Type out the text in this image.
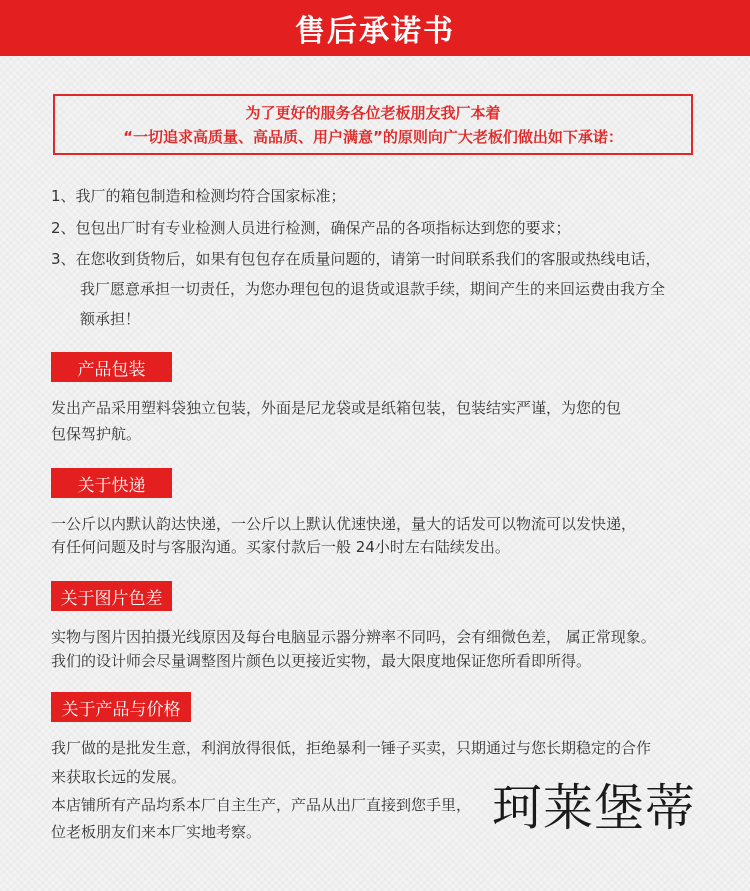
售后承诺书
为了更好的服务各位老板朋友我厂本着
“一切追求高质量、高品质、用户满意”的原则向广大老板们做出如下承诺：
1、我厂的箱包制造和检测均符合国家标准；
2、包包出厂时有专业检测人员进行检测，确保产品的各项指标达到您的要求；
3、在您收到货物后，如果有包包存在质量问题的，请第一时间联系我们的客服或热线电话，
我厂愿意承担一切责任，为您办理包包的退货或退款手续，期间产生的来回运费由我方全
额承担！
产品包装
发出产品采用塑料袋独立包装，外面是尼龙袋或是纸箱包装，包装结实严谨，为您的包
包保驾护航。
关于快递
一公斤以内默认韵达快递，一公斤以上默认优速快递，量大的话发可以物流可以发快递，
有任何问题及时与客服沟通。买家付款后一般 24小时左右陆续发出。
关于图片色差
实物与图片因拍摄光线原因及每台电脑显示器分辨率不同吗，会有细微色差， 属正常现象。
我们的设计师会尽量调整图片颜色以更接近实物，最大限度地保证您所看即所得。
关于产品与价格
我厂做的是批发生意，利润放得很低，拒绝暴利一锤子买卖，只期通过与您长期稳定的合作
来获取长远的发展。
本店铺所有产品均系本厂自主生产，产品从出厂直接到您手里，
位老板朋友们来本厂实地考察。	珂莱堡蒂
